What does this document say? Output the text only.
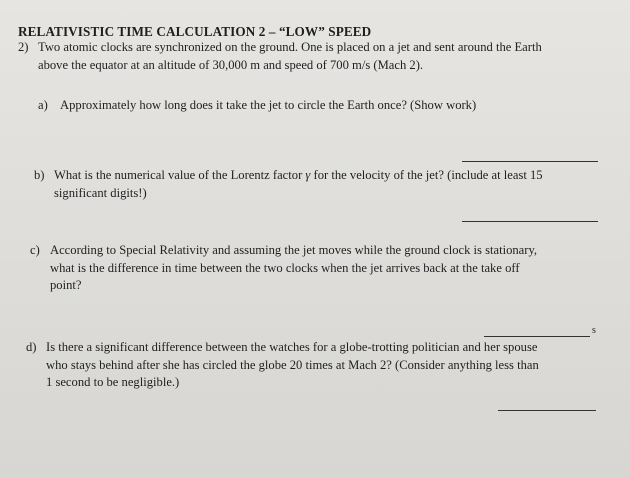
RELATIVISTIC TIME CALCULATION 2 – “LOW” SPEED
2) Two atomic clocks are synchronized on the ground. One is placed on a jet and sent around the Earth
above the equator at an altitude of 30,000 m and speed of 700 m/s (Mach 2).
a) Approximately how long does it take the jet to circle the Earth once? (Show work)
b) What is the numerical value of the Lorentz factor γ for the velocity of the jet? (include at least 15
significant digits!)
c) According to Special Relativity and assuming the jet moves while the ground clock is stationary,
what is the difference in time between the two clocks when the jet arrives back at the take off
point?
s
d) Is there a significant difference between the watches for a globe-trotting politician and her spouse
who stays behind after she has circled the globe 20 times at Mach 2? (Consider anything less than
1 second to be negligible.)
